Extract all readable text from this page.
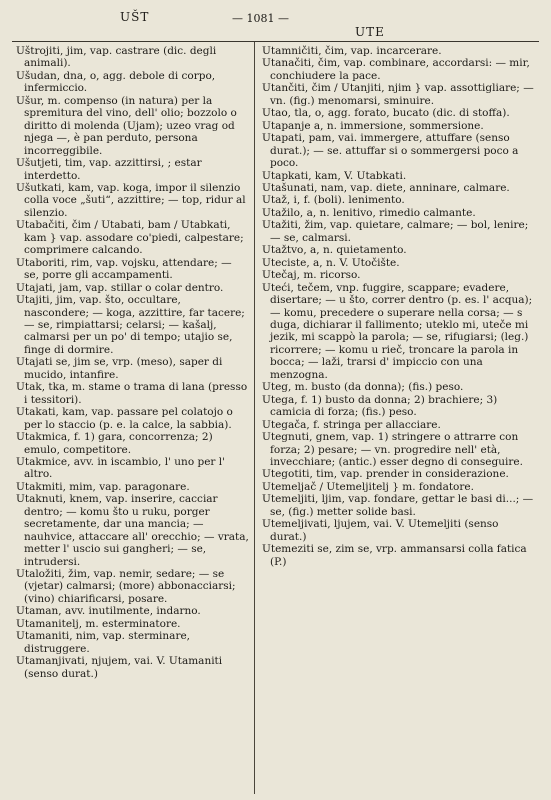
UŠT	— 1081 —
UTE

Uštrojiti, jim, vap. castrare (dic. degli animali).

Ušudan, dna, o, agg. debole di corpo, infermiccio.

Ušur, m. compenso (in natura) per la spremitura del vino, dell' olio; bozzolo o diritto di molenda (Ujam); uzeo vrag od njega —, è pan perduto, persona incorreggibile.

Ušutjeti, tim, vap. azzittirsi, ; estar interdetto.

Ušutkati, kam, vap. koga, impor il silenzio colla voce „šuti“, azzittire; — top, ridur al silenzio.

Utabačiti, čim / Utabati, bam / Utabkati, kam } vap. assodare co'piedi, calpestare; comprimere calcando.

Utaboriti, rim, vap. vojsku, attendare; — se, porre gli accampamenti.

Utajati, jam, vap. stillar o colar dentro.

Utajiti, jim, vap. što, occultare, nascondere; — koga, azzittire, far tacere; — se, rimpiattarsi; celarsi; — kašalj, calmarsi per un po' di tempo; utajio se, finge di dormire.

Utajati se, jim se, vrp. (meso), saper di mucido, intanfire.

Utak, tka, m. stame o trama di lana (presso i tessitori).

Utakati, kam, vap. passare pel colatojo o per lo staccio (p. e. la calce, la sabbia).

Utakmica, f. 1) gara, concorrenza; 2) emulo, competitore.

Utakmice, avv. in iscambio, l' uno per l' altro.

Utakmiti, mim, vap. paragonare.

Utaknuti, knem, vap. inserire, cacciar dentro; — komu što u ruku, porger secretamente, dar una mancia; — nauhvice, attaccare all' orecchio; — vrata, metter l' uscio sui gangheri; — se, intrudersi.

Utaložiti, žim, vap. nemir, sedare; — se (vjetar) calmarsi; (more) abbonacciarsi; (vino) chiarificarsi, posare.

Utaman, avv. inutilmente, indarno.

Utamanitelj, m. esterminatore.

Utamaniti, nim, vap. sterminare, distruggere.

Utamanjivati, njujem, vai. V. Utamaniti (senso durat.)

Utamničiti, čim, vap. incarcerare.

Utanačiti, čim, vap. combinare, accordarsi: — mir, conchiudere la pace.

Utančiti, čim / Utanjiti, njim } vap. assottigliare; — vn. (fig.) menomarsi, sminuire.

Utao, tla, o, agg. forato, bucato (dic. di stoffa).

Utapanje a, n. immersione, sommersione.

Utapati, pam, vai. immergere, attuffare (senso durat.); — se. attuffar si o sommergersi poco a poco.

Utapkati, kam, V. Utabkati.

Utašunati, nam, vap. diete, anninare, calmare.

Utaž, i, f. (boli). lenimento.

Utažilo, a, n. lenitivo, rimedio calmante.

Utažiti, žim, vap. quietare, calmare; — bol, lenire; — se, calmarsi.

Utažtvo, a, n. quietamento.

Uteciste, a, n. V. Utočište.

Utečaj, m. ricorso.

Uteći, tečem, vnp. fuggire, scappare; evadere, disertare; — u što, correr dentro (p. es. l' acqua); — komu, precedere o superare nella corsa; — s duga, dichiarar il fallimento; uteklo mi, uteče mi jezik, mi scappò la parola; — se, rifugiarsi; (leg.) ricorrere; — komu u rieč, troncare la parola in bocca; — laži, trarsi d' impiccio con una menzogna.

Uteg, m. busto (da donna); (fis.) peso.

Utega, f. 1) busto da donna; 2) brachiere; 3) camicia di forza; (fis.) peso.

Utegača, f. stringa per allacciare.

Utegnuti, gnem, vap. 1) stringere o attrarre con forza; 2) pesare; — vn. progredire nell' età, invecchiare; (antic.) esser degno di conseguire.

Utegotiti, tim, vap. prender in considerazione.

Utemeljač / Utemeljitelj } m. fondatore.

Utemeljiti, ljim, vap. fondare, gettar le basi di...; — se, (fig.) metter solide basi.

Utemeljivati, ljujem, vai. V. Utemeljiti (senso durat.)

Utemeziti se, zim se, vrp. ammansarsi colla fatica (P.)
